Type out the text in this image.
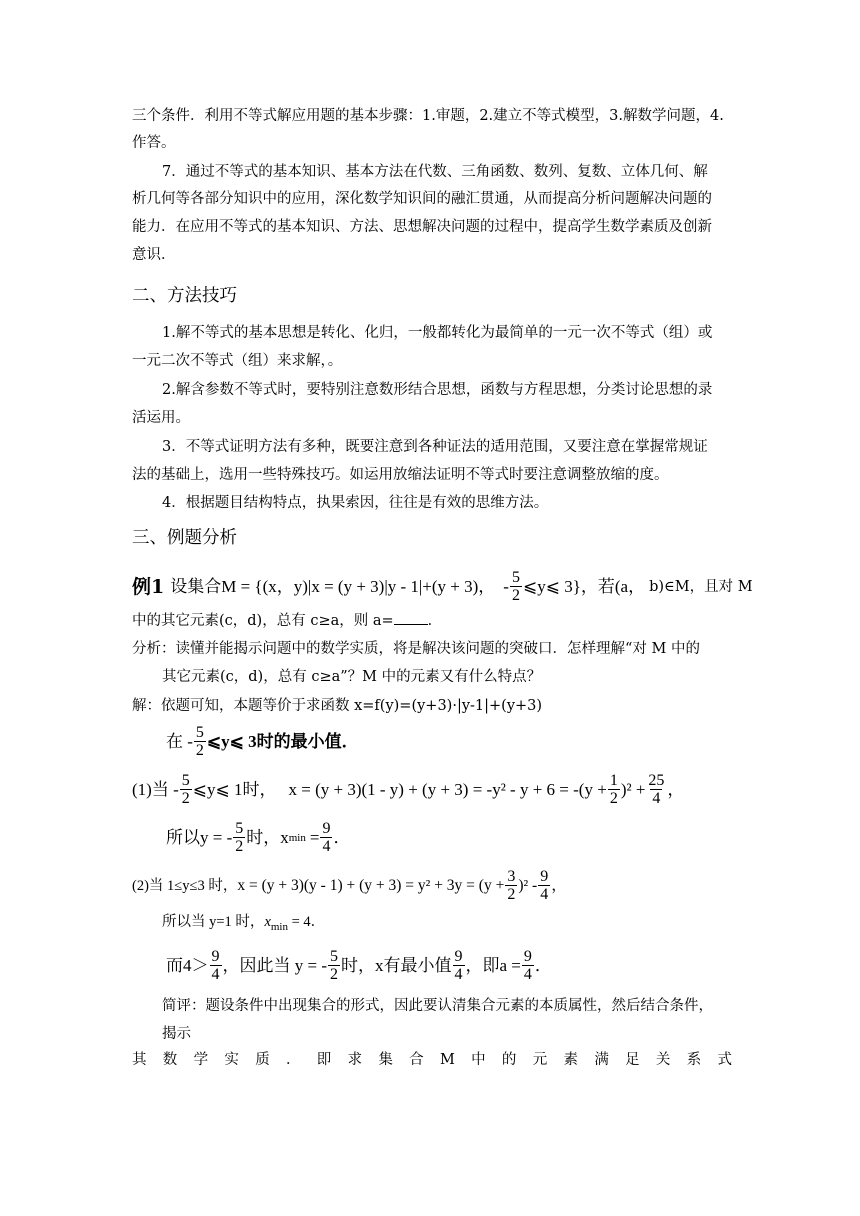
三个条件．利用不等式解应用题的基本步骤：1.审题，2.建立不等式模型，3.解数学问题，4.
作答。
7．通过不等式的基本知识、基本方法在代数、三角函数、数列、复数、立体几何、解
析几何等各部分知识中的应用，深化数学知识间的融汇贯通，从而提高分析问题解决问题的
能力．在应用不等式的基本知识、方法、思想解决问题的过程中，提高学生数学素质及创新
意识．
二、方法技巧
1.解不等式的基本思想是转化、化归，一般都转化为最简单的一元一次不等式（组）或
一元二次不等式（组）来求解，。
2.解含参数不等式时，要特别注意数形结合思想，函数与方程思想，分类讨论思想的录
活运用。
3．不等式证明方法有多种，既要注意到各种证法的适用范围，又要注意在掌握常规证
法的基础上，选用一些特殊技巧。如运用放缩法证明不等式时要注意调整放缩的度。
4．根据题目结构特点，执果索因，往往是有效的思维方法。
三、例题分析
例1 设集合M = {(x，y)|x = (y + 3)|y - 1|+(y + 3)， - $\frac{5}{2}$ ⩽y⩽ 3}，若(a， b)∈M，且对 M
中的其它元素(c，d)，总有 c≥a，则 a= ．
分析：读懂并能揭示问题中的数学实质，将是解决该问题的突破口．怎样理解“对 M 中的
其它元素(c，d)，总有 c≥a”？M 中的元素又有什么特点？
解：依题可知，本题等价于求函数 x=f(y)=(y+3)·|y-1|+(y+3)
在 - $\frac{5}{2}$ ⩽y⩽ 3时的最小值．
(1)当 - $\frac{5}{2}$ ⩽y⩽ 1时， $x = (y + 3)(1 - y) + (y + 3) = -y^2 - y + 6 = -(y + \frac{1}{2} )^2 + \frac{25}{4}$ ，
所以y = - $\frac{5}{2}$ 时，x $\min = \frac{9}{4}$ ．
(2)当 1≤y≤3 时， $x = (y + 3)(y - 1) + (y + 3) = y^2 + 3y = (y + \frac{3}{2} )^2 - \frac{9}{4}$ ，
所以当 y=1 时，$x_{min} = 4$．
而$4> \frac{9}{4}$ ，因此当 y = - $\frac{5}{2}$ 时，x有最小值 $\frac{9}{4}$ ，即$a = \frac{9}{4}$ ．
简评：题设条件中出现集合的形式，因此要认清集合元素的本质属性，然后结合条件，
揭示
其 数 学 实 质 ． 即 求 集 合 M 中 的 元 素 满 足 关 系 式
